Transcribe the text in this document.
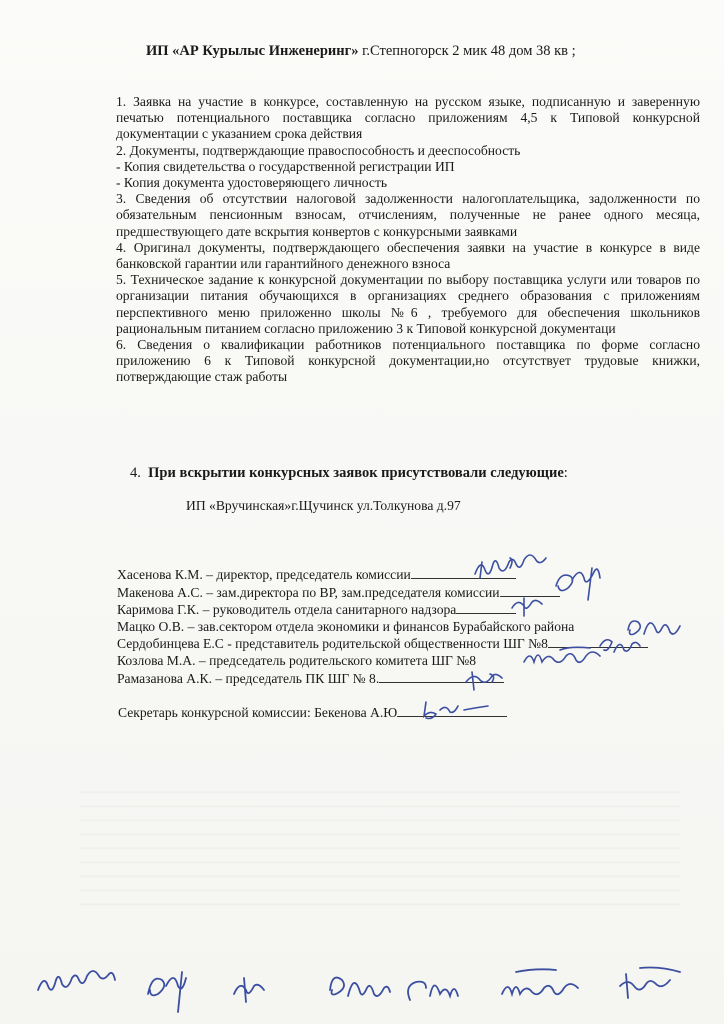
ИП «АР Курылыс Инженеринг» г.Степногорск 2 мик 48 дом 38 кв ;

1. Заявка на участие в конкурсе, составленную на русском языке, подписанную и заверенную печатью потенциального поставщика согласно приложениям 4,5 к Типовой конкурсной документации с указанием срока действия

2. Документы, подтверждающие правоспособность и дееспособность

- Копия свидетельства о государственной регистрации ИП

- Копия документа удостоверяющего личность

3. Сведения об отсутствии налоговой задолженности налогоплательщика, задолженности по обязательным пенсионным взносам, отчислениям, полученные не ранее одного месяца, предшествующего дате вскрытия конвертов с конкурсными заявками

4. Оригинал документы, подтверждающего обеспечения заявки на участие в конкурсе в виде банковской гарантии или гарантийного денежного взноса

5. Техническое задание к конкурсной документации по выбору поставщика услуги или товаров по организации питания обучающихся в организациях среднего образования с приложениям перспективного меню приложенно школы №6 , требуемого для обеспечения школьников рациональным питанием согласно приложению 3 к Типовой конкурсной документаци

6. Сведения о квалификации работников потенциального поставщика по форме согласно приложению 6 к Типовой конкурсной документации,но отсутствует трудовые книжки, потверждающие стаж работы

4. При вскрытии конкурсных заявок присутствовали следующие:
ИП «Вручинская»г.Щучинск ул.Толкунова д.97
Хасенова К.М. – директор, председатель комиссии
Макенова А.С. – зам.директора по ВР, зам.председателя комиссии
Каримова Г.К. – руководитель отдела санитарного надзора
Мацко О.В. – зав.сектором отдела экономики и финансов Бурабайского района
Сердобинцева Е.С - представитель родительской общественности ШГ №8
Козлова М.А. – председатель родительского комитета ШГ №8
Рамазанова А.К. – председатель ПК ШГ № 8.
Секретарь конкурсной комиссии: Бекенова А.Ю
